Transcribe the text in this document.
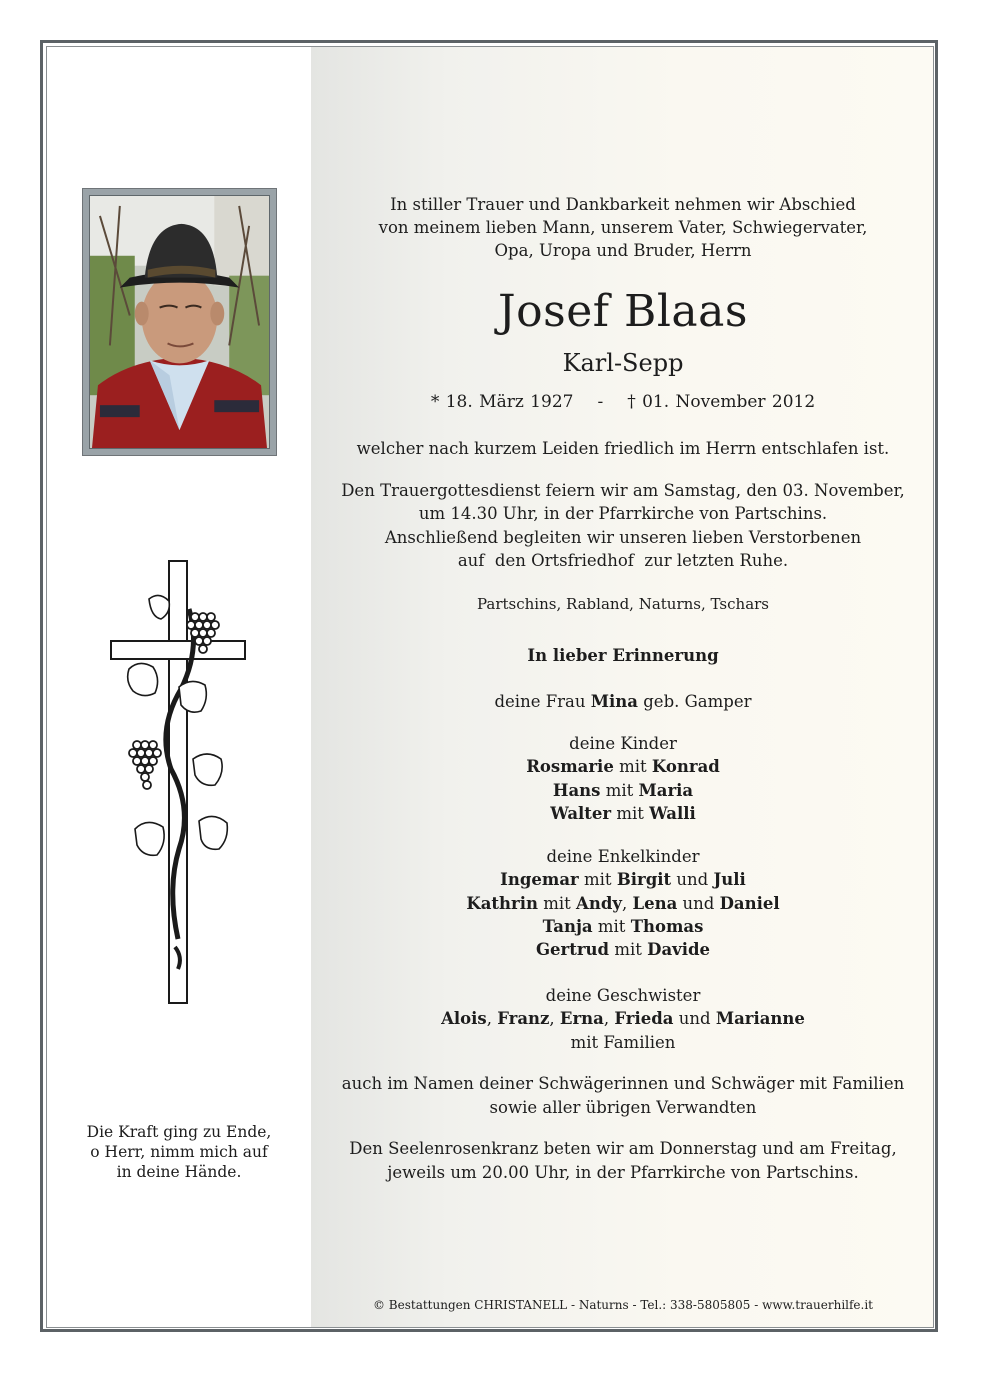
Die Kraft ging zu Ende,
o Herr, nimm mich auf
in deine Hände.
In stiller Trauer und Dankbarkeit nehmen wir Abschied
von meinem lieben Mann, unserem Vater, Schwiegervater,
Opa, Uropa und Bruder, Herrn
Josef Blaas
Karl-Sepp
* 18. März 1927 - † 01. November 2012
welcher nach kurzem Leiden friedlich im Herrn entschlafen ist.
Den Trauergottesdienst feiern wir am Samstag, den 03. November,
um 14.30 Uhr, in der Pfarrkirche von Partschins.
Anschließend begleiten wir unseren lieben Verstorbenen
auf  den Ortsfriedhof  zur letzten Ruhe.
Partschins, Rabland, Naturns, Tschars
In lieber Erinnerung
deine Frau Mina geb. Gamper
deine Kinder
Rosmarie mit Konrad
Hans mit Maria
Walter mit Walli
deine Enkelkinder
Ingemar mit Birgit und Juli
Kathrin mit Andy, Lena und Daniel
Tanja mit Thomas
Gertrud mit Davide
deine Geschwister
Alois, Franz, Erna, Frieda und Marianne
mit Familien
auch im Namen deiner Schwägerinnen und Schwäger mit Familien
sowie aller übrigen Verwandten
Den Seelenrosenkranz beten wir am Donnerstag und am Freitag,
jeweils um 20.00 Uhr, in der Pfarrkirche von Partschins.
© Bestattungen CHRISTANELL - Naturns - Tel.: 338-5805805 - www.trauerhilfe.it
